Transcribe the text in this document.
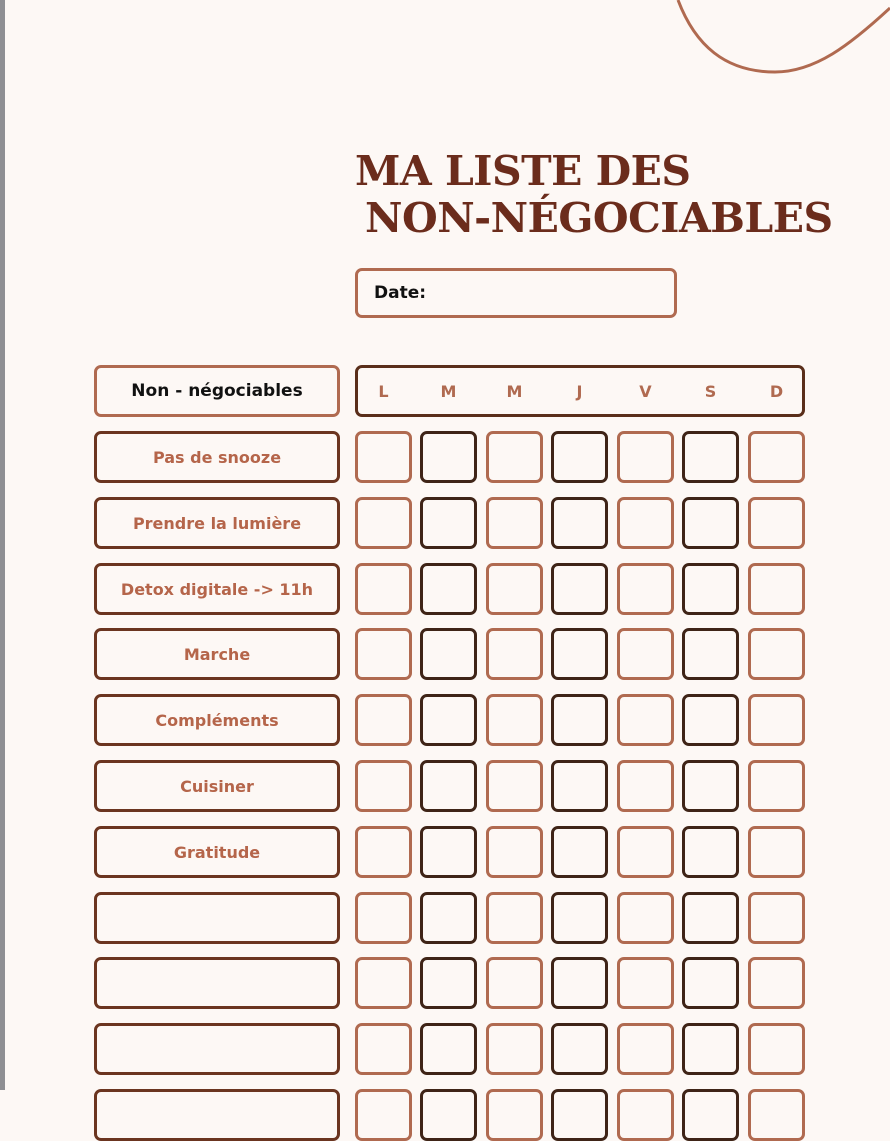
MA LISTE DES
NON-NÉGOCIABLES
Date:
Non - négociables	L	M	M	J	V	S	D
Pas de snooze
Prendre la lumière
Detox digitale -> 11h
Marche
Compléments
Cuisiner
Gratitude
